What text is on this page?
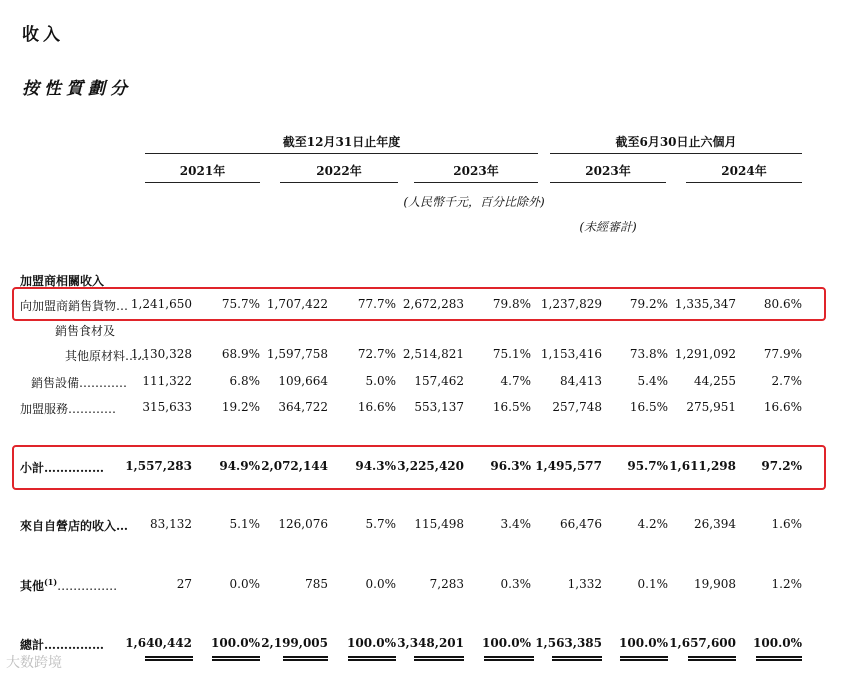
收入
按性質劃分
截至12月31日止年度	截至6月30日止六個月
2021年	2022年	2023年	2023年	2024年
(人民幣千元，百分比除外)
(未經審計)
加盟商相關收入
大数跨境
向加盟商銷售貨物… 1,241,650	75.7% 1,707,422	77.7% 2,672,283	79.8% 1,237,829	79.2% 1,335,347	80.6%
銷售食材及
其他原材料……
1,130,328	68.9% 1,597,758	72.7% 2,514,821	75.1% 1,153,416	73.8% 1,291,092	77.9%
銷售設備…………	111,322	6.8%	109,664	5.0%	157,462	4.7%	84,413	5.4%	44,255	2.7%
加盟服務…………	315,633	19.2%	364,722	16.6%	553,137	16.5%	257,748	16.5%	275,951	16.6%
小計……………	1,557,283	94.9% 2,072,144	94.3% 3,225,420	96.3% 1,495,577	95.7% 1,611,298	97.2%
來自自營店的收入…	83,132	5.1%	126,076	5.7%	115,498	3.4%	66,476	4.2%	26,394	1.6%
其他$^{(1)}$……………	27	0.0%	785	0.0%	7,283	0.3%	1,332	0.1%	19,908	1.2%
總計……………	1,640,442	100.0% 2,199,005	100.0% 3,348,201	100.0% 1,563,385	100.0% 1,657,600	100.0%
